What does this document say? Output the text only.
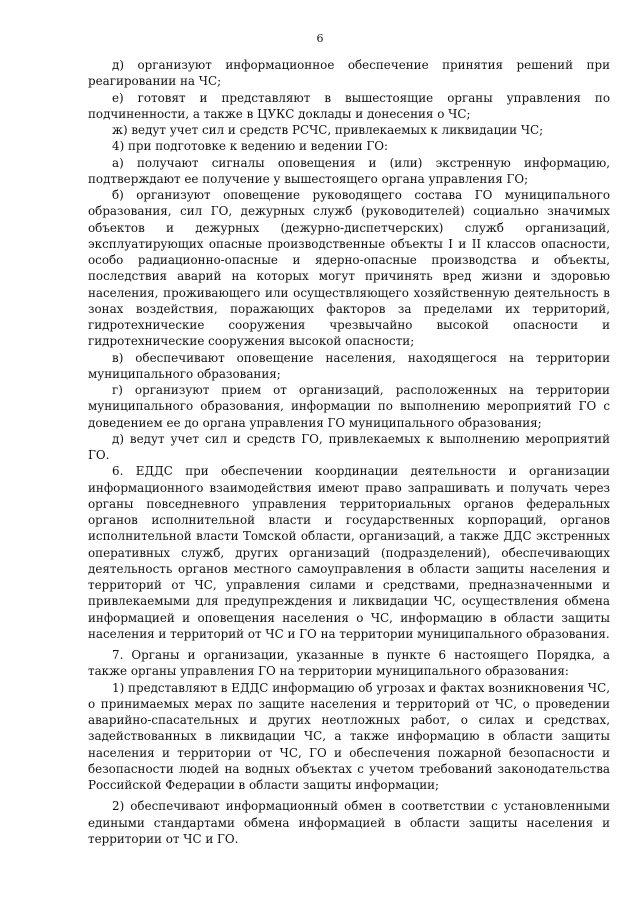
6

д) организуют информационное обеспечение принятия решений при реагировании на ЧС;

е) готовят и представляют в вышестоящие органы управления по подчиненности, а также в ЦУКС доклады и донесения о ЧС;

ж) ведут учет сил и средств РСЧС, привлекаемых к ликвидации ЧС;

4) при подготовке к ведению и ведении ГО:

а) получают сигналы оповещения и (или) экстренную информацию, подтверждают ее получение у вышестоящего органа управления ГО;

б) организуют оповещение руководящего состава ГО муниципального образования, сил ГО, дежурных служб (руководителей) социально значимых объектов и дежурных (дежурно-диспетчерских) служб организаций, эксплуатирующих опасные производственные объекты I и II классов опасности, особо радиационно-опасные и ядерно-опасные производства и объекты, последствия аварий на которых могут причинять вред жизни и здоровью населения, проживающего или осуществляющего хозяйственную деятельность в зонах воздействия, поражающих факторов за пределами их территорий, гидротехнические сооружения чрезвычайно высокой опасности и гидротехнические сооружения высокой опасности;

в) обеспечивают оповещение населения, находящегося на территории муниципального образования;

г) организуют прием от организаций, расположенных на территории муниципального образования, информации по выполнению мероприятий ГО с доведением ее до органа управления ГО муниципального образования;

д) ведут учет сил и средств ГО, привлекаемых к выполнению мероприятий ГО.

6. ЕДДС при обеспечении координации деятельности и организации информационного взаимодействия имеют право запрашивать и получать через органы повседневного управления территориальных органов федеральных органов исполнительной власти и государственных корпораций, органов исполнительной власти Томской области, организаций, а также ДДС экстренных оперативных служб, других организаций (подразделений), обеспечивающих деятельность органов местного самоуправления в области защиты населения и территорий от ЧС, управления силами и средствами, предназначенными и привлекаемыми для предупреждения и ликвидации ЧС, осуществления обмена информацией и оповещения населения о ЧС, информацию в области защиты населения и территорий от ЧС и ГО на территории муниципального образования.

7. Органы и организации, указанные в пункте 6 настоящего Порядка, а также органы управления ГО на территории муниципального образования:

1) представляют в ЕДДС информацию об угрозах и фактах возникновения ЧС, о принимаемых мерах по защите населения и территорий от ЧС, о проведении аварийно-спасательных и других неотложных работ, о силах и средствах, задействованных в ликвидации ЧС, а также информацию в области защиты населения и территории от ЧС, ГО и обеспечения пожарной безопасности и безопасности людей на водных объектах с учетом требований законодательства Российской Федерации в области защиты информации;

2) обеспечивают информационный обмен в соответствии с установленными едиными стандартами обмена информацией в области защиты населения и территории от ЧС и ГО.
